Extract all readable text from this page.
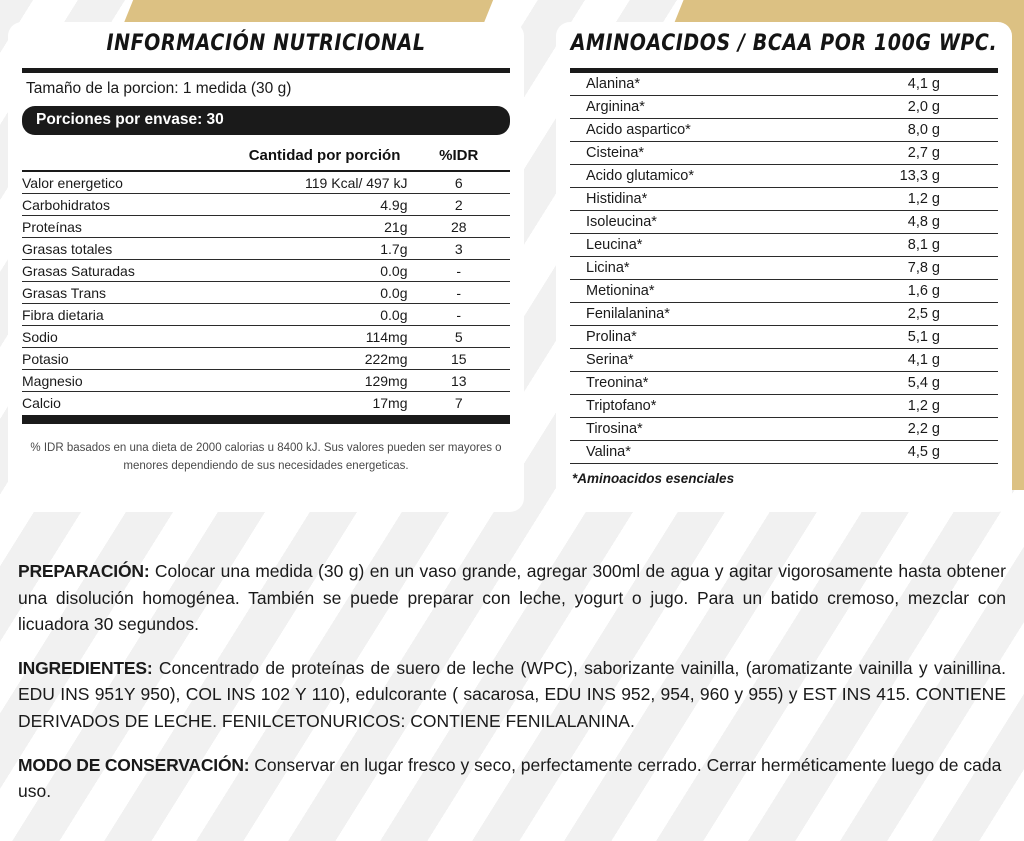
INFORMACIÓN NUTRICIONAL
Tamaño de la porcion: 1 medida (30 g)
Porciones por envase: 30
	Cantidad por porción	%IDR
Valor energetico	119 Kcal/ 497 kJ	6
Carbohidratos	4.9g	2
Proteínas	21g	28
Grasas totales	1.7g	3
Grasas Saturadas	0.0g	-
Grasas Trans	0.0g	-
Fibra dietaria	0.0g	-
Sodio	114mg	5
Potasio	222mg	15
Magnesio	129mg	13
Calcio	17mg	7
% IDR basados en una dieta de 2000 calorias u 8400 kJ. Sus valores pueden ser mayores o menores dependiendo de sus necesidades energeticas.
AMINOACIDOS / BCAA POR 100G WPC.
Alanina*	4,1 g
Arginina*	2,0 g
Acido aspartico*	8,0 g
Cisteina*	2,7 g
Acido glutamico*	13,3 g
Histidina*	1,2 g
Isoleucina*	4,8 g
Leucina*	8,1 g
Licina*	7,8 g
Metionina*	1,6 g
Fenilalanina*	2,5 g
Prolina*	5,1 g
Serina*	4,1 g
Treonina*	5,4 g
Triptofano*	1,2 g
Tirosina*	2,2 g
Valina*	4,5 g
*Aminoacidos esenciales

PREPARACIÓN: Colocar una medida (30 g) en un vaso grande, agregar 300ml de agua y agitar vigorosamente hasta obtener una disolución homogénea. También se puede preparar con leche, yogurt o jugo. Para un batido cremoso, mezclar con licuadora 30 segundos.

INGREDIENTES: Concentrado de proteínas de suero de leche (WPC), saborizante vainilla, (aromatizante vainilla y vainillina. EDU INS 951Y 950), COL INS 102 Y 110), edulcorante ( sacarosa, EDU INS 952, 954, 960 y 955) y EST INS 415. CONTIENE DERIVADOS DE LECHE. FENILCETONURICOS: CONTIENE FENILALANINA.

MODO DE CONSERVACIÓN: Conservar en lugar fresco y seco, perfectamente cerrado. Cerrar herméticamente luego de cada uso.
